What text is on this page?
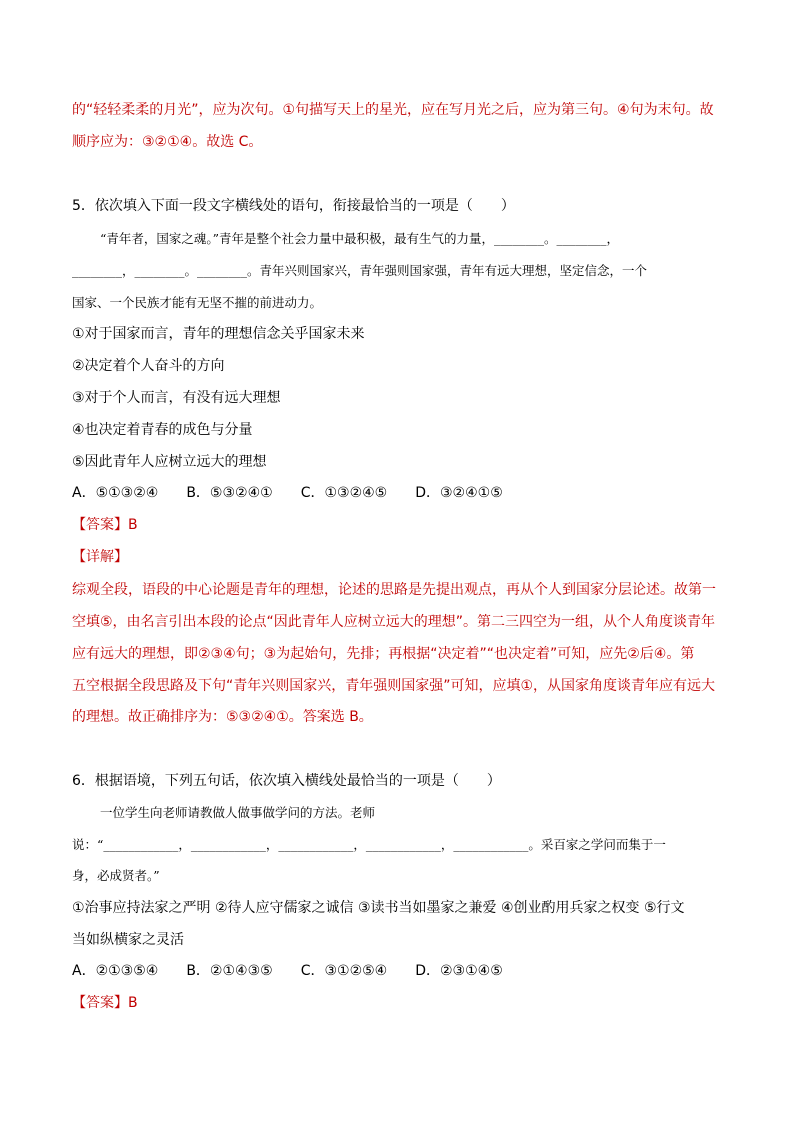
的“轻轻柔柔的月光”，应为次句。①句描写天上的星光，应在写月光之后，应为第三句。④句为末句。故
顺序应为：③②①④。故选 C。
5．依次填入下面一段文字横线处的语句，衔接最恰当的一项是（　　）
“青年者，国家之魂。”青年是整个社会力量中最积极，最有生气的力量，________。________，
________，________。________。青年兴则国家兴，青年强则国家强，青年有远大理想，坚定信念，一个
国家、一个民族才能有无坚不摧的前进动力。
①对于国家而言，青年的理想信念关乎国家未来
②决定着个人奋斗的方向
③对于个人而言，有没有远大理想
④也决定着青春的成色与分量
⑤因此青年人应树立远大的理想
A．⑤①③②④　　B．⑤③②④①　　C．①③②④⑤　　D．③②④①⑤
【答案】B
【详解】
综观全段，语段的中心论题是青年的理想，论述的思路是先提出观点，再从个人到国家分层论述。故第一
空填⑤，由名言引出本段的论点“因此青年人应树立远大的理想”。第二三四空为一组，从个人角度谈青年
应有远大的理想，即②③④句；③为起始句，先排；再根据“决定着”“也决定着”可知，应先②后④。第
五空根据全段思路及下句“青年兴则国家兴，青年强则国家强”可知，应填①，从国家角度谈青年应有远大
的理想。故正确排序为：⑤③②④①。答案选 B。
6．根据语境，下列五句话，依次填入横线处最恰当的一项是（　　）
一位学生向老师请教做人做事做学问的方法。老师
说：“____________，____________，____________，____________，____________。采百家之学问而集于一
身，必成贤者。”
①治事应持法家之严明 ②待人应守儒家之诚信 ③读书当如墨家之兼爱 ④创业酌用兵家之权变 ⑤行文
当如纵横家之灵活
A．②①③⑤④　　B．②①④③⑤　　C．③①②⑤④　　D．②③①④⑤
【答案】B
